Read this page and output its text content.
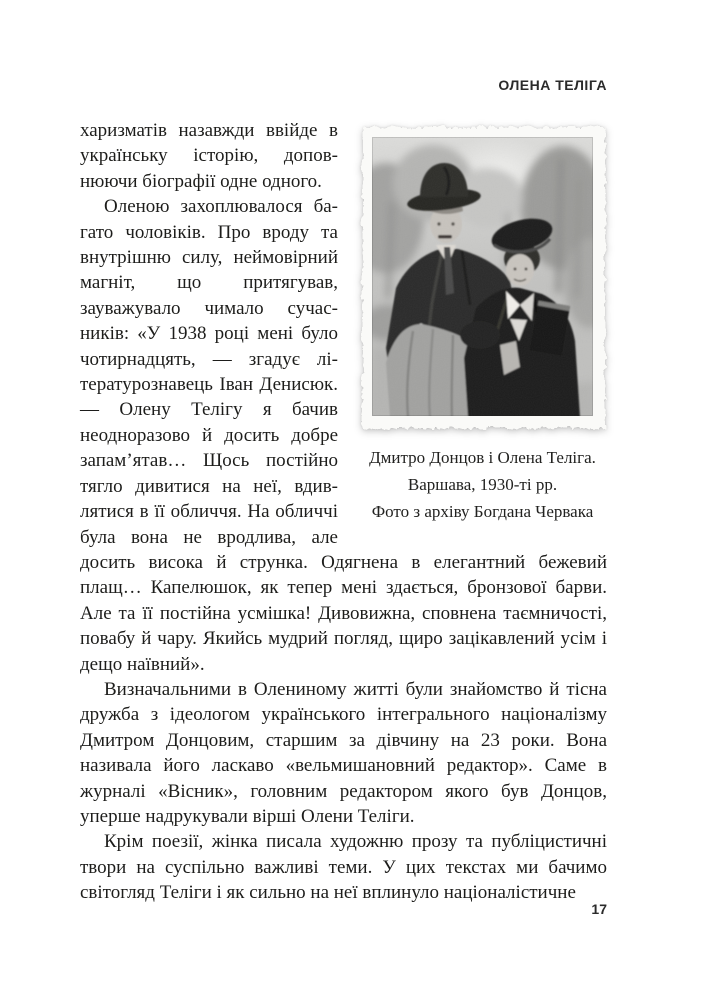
ОЛЕНА ТЕЛІГА
Дмитро Донцов і Олена Теліга.
Варшава, 1930-ті рр.
Фото з архіву Богдана Червака

харизматів назавжди ввійде в українську історію, доповнюючи біографії одне одного.

Оленою захоплювалося багато чоловіків. Про вроду та внутрішню силу, неймовірний магніт, що притягував, зауважувало чимало сучасників: «У 1938 році мені було чотирнадцять, — згадує літературознавець Іван Денисюк. — Олену Телігу я бачив неодноразово й досить добре запам’ятав… Щось постійно тягло дивитися на неї, вдивлятися в її обличчя. На обличчі була вона не вродлива, але досить висока й струнка. Одягнена в елегантний бежевий плащ… Капелюшок, як тепер мені здається, бронзової барви. Але та її постійна усмішка! Дивовижна, сповнена таємничості, повабу й чару. Якийсь мудрий погляд, щиро зацікавлений усім і дещо наївний».

Визначальними в Олениному житті були знайомство й тісна дружба з ідеологом українського інтегрального націоналізму Дмитром Донцовим, старшим за дівчину на 23 роки. Вона називала його ласкаво «вельмишановний редактор». Саме в журналі «Вісник», головним редактором якого був Донцов, уперше надрукували вірші Олени Теліги.

Крім поезії, жінка писала художню прозу та публіцистичні твори на суспільно важливі теми. У цих текстах ми бачимо світогляд Теліги і як сильно на неї вплинуло націоналістичне

17
